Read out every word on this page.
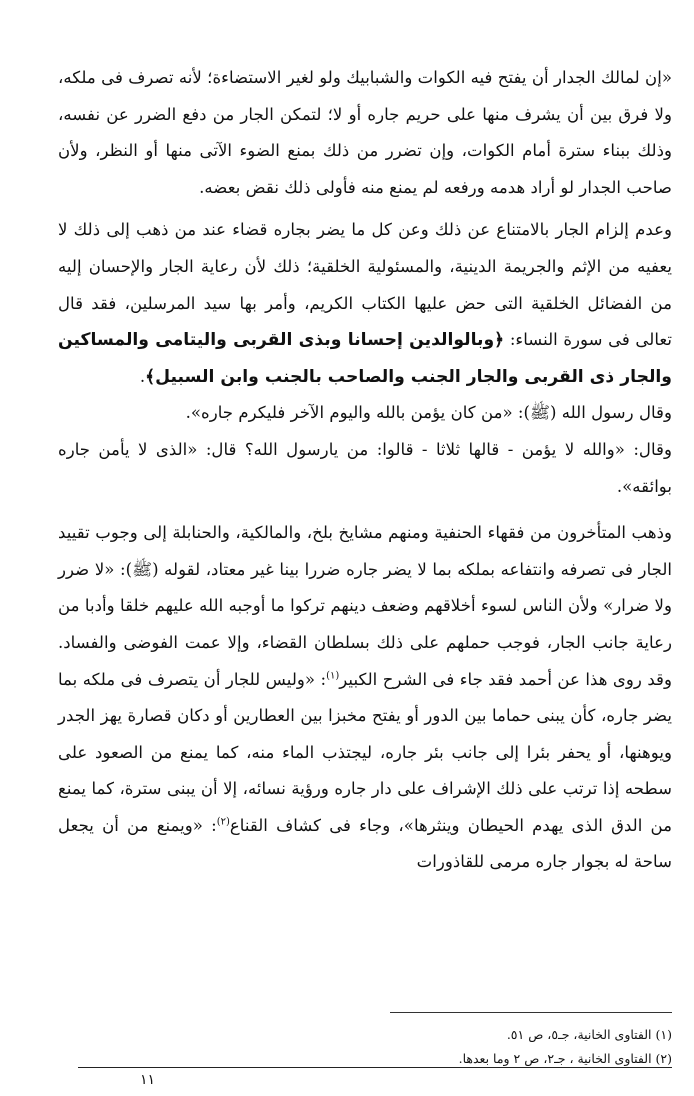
«إن لمالك الجدار أن يفتح فيه الكوات والشبابيك ولو لغير الاستضاءة؛ لأنه تصرف فى ملكه، ولا فرق بين أن يشرف منها على حريم جاره أو لا؛ لتمكن الجار من دفع الضرر عن نفسه، وذلك ببناء سترة أمام الكوات، وإن تضرر من ذلك بمنع الضوء الآتى منها أو النظر، ولأن صاحب الجدار لو أراد هدمه ورفعه لم يمنع منه فأولى ذلك نقض بعضه.

وعدم إلزام الجار بالامتناع عن ذلك وعن كل ما يضر بجاره قضاء عند من ذهب إلى ذلك لا يعفيه من الإثم والجريمة الدينية، والمسئولية الخلقية؛ ذلك لأن رعاية الجار والإحسان إليه من الفضائل الخلقية التى حض عليها الكتاب الكريم، وأمر بها سيد المرسلين، فقد قال تعالى فى سورة النساء: ﴿وبالوالدين إحسانا وبذى القربى واليتامى والمساكين والجار ذى القربى والجار الجنب والصاحب بالجنب وابن السبيل﴾.

وقال رسول الله (ﷺ): «من كان يؤمن بالله واليوم الآخر فليكرم جاره».

وقال: «والله لا يؤمن - قالها ثلاثا - قالوا: من يارسول الله؟ قال: «الذى لا يأمن جاره بوائقه».

وذهب المتأخرون من فقهاء الحنفية ومنهم مشايخ بلخ، والمالكية، والحنابلة إلى وجوب تقييد الجار فى تصرفه وانتفاعه بملكه بما لا يضر جاره ضررا بينا غير معتاد، لقوله (ﷺ): «لا ضرر ولا ضرار» ولأن الناس لسوء أخلاقهم وضعف دينهم تركوا ما أوجبه الله عليهم خلقا وأدبا من رعاية جانب الجار، فوجب حملهم على ذلك بسلطان القضاء، وإلا عمت الفوضى والفساد. وقد روى هذا عن أحمد فقد جاء فى الشرح الكبير$^{(١)}$: «وليس للجار أن يتصرف فى ملكه بما يضر جاره، كأن يبنى حماما بين الدور أو يفتح مخبزا بين العطارين أو دكان قصارة يهز الجدر ويوهنها، أو يحفر بئرا إلى جانب بئر جاره، ليجتذب الماء منه، كما يمنع من الصعود على سطحه إذا ترتب على ذلك الإشراف على دار جاره ورؤية نسائه، إلا أن يبنى سترة، كما يمنع من الدق الذى يهدم الحيطان وينثرها»، وجاء فى كشاف القناع$^{(٢)}$: «ويمنع من أن يجعل ساحة له بجوار جاره مرمى للقاذورات

(١) الفتاوى الخانية، جـ٥، ص ٥١.

(٢) الفتاوى الخانية ، جـ٢، ص ٢ وما بعدها.

١١
